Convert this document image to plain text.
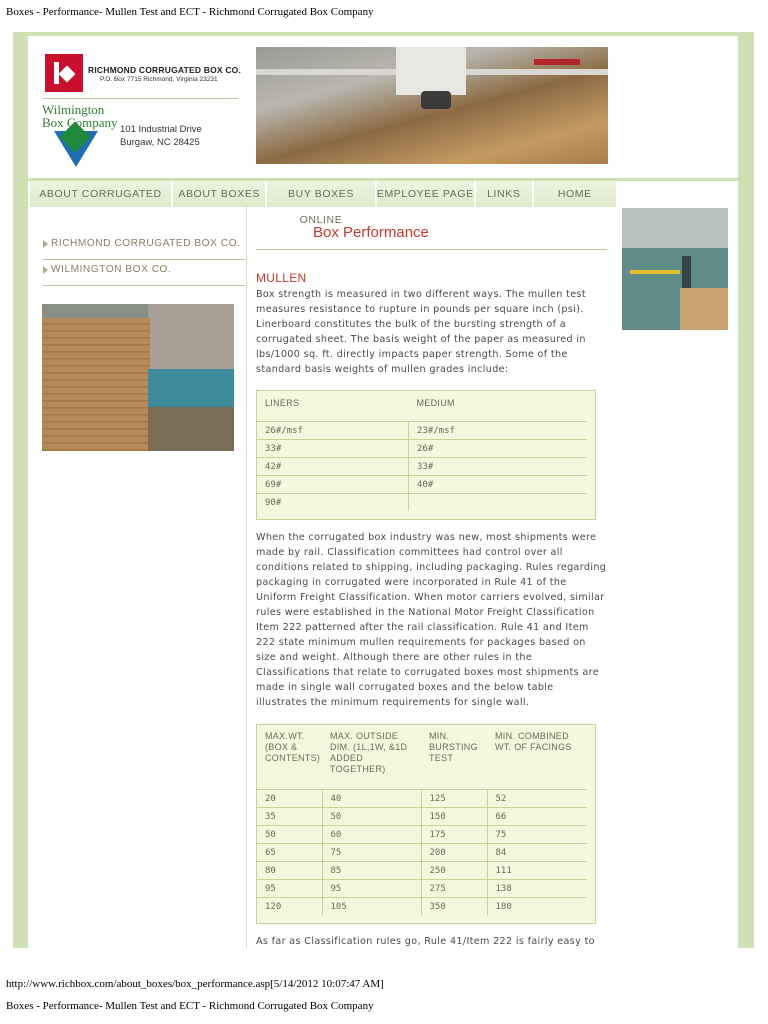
Boxes - Performance- Mullen Test and ECT - Richmond Corrugated Box Company
RICHMOND CORRUGATED BOX CO.
P.O. Box 7715 Richmond, Virginia 23231
Wilmington Box Company 101 Industrial Drive
Burgaw, NC 28425
ABOUT CORRUGATED	ABOUT BOXES	BUY BOXES ONLINE
EMPLOYEE PAGE	LINKS	HOME
RICHMOND CORRUGATED BOX CO.
WILMINGTON BOX CO.
Box Performance
MULLEN
Box strength is measured in two different ways. The mullen test measures resistance to rupture in pounds per square inch (psi). Linerboard constitutes the bulk of the bursting strength of a corrugated sheet. The basis weight of the paper as measured in lbs/1000 sq. ft. directly impacts paper strength. Some of the standard basis weights of mullen grades include:
LINERS	MEDIUM
26#/msf	23#/msf
33#	26#
42#	33#
69#	40#
90#	
When the corrugated box industry was new, most shipments were made by rail. Classification committees had control over all conditions related to shipping, including packaging. Rules regarding packaging in corrugated were incorporated in Rule 41 of the Uniform Freight Classification. When motor carriers evolved, similar rules were established in the National Motor Freight Classification Item 222 patterned after the rail classification. Rule 41 and Item 222 state minimum mullen requirements for packages based on size and weight. Although there are other rules in the Classifications that relate to corrugated boxes most shipments are made in single wall corrugated boxes and the below table illustrates the minimum requirements for single wall.
MAX.WT. (BOX & CONTENTS)	MAX. OUTSIDE DIM. (1L,1W, &1D ADDED TOGETHER)	MIN. BURSTING TEST	MIN. COMBINED WT. OF FACINGS
20	40	125	52
35	50	150	66
50	60	175	75
65	75	200	84
80	85	250	111
95	95	275	138
120	105	350	180
As far as Classification rules go, Rule 41/Item 222 is fairly easy to
http://www.richbox.com/about_boxes/box_performance.asp[5/14/2012 10:07:47 AM]
Boxes - Performance- Mullen Test and ECT - Richmond Corrugated Box Company
